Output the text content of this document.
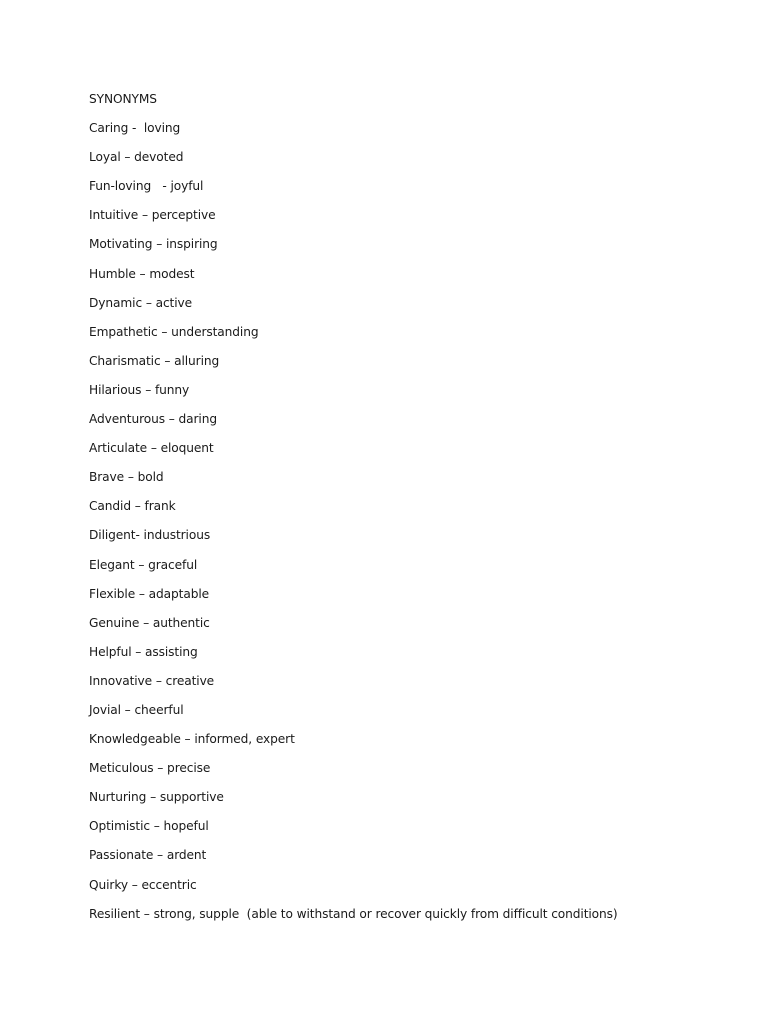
SYNONYMS
Caring -  loving
Loyal – devoted
Fun-loving   - joyful
Intuitive – perceptive
Motivating – inspiring
Humble – modest
Dynamic – active
Empathetic – understanding
Charismatic – alluring
Hilarious – funny
Adventurous – daring
Articulate – eloquent
Brave – bold
Candid – frank
Diligent- industrious
Elegant – graceful
Flexible – adaptable
Genuine – authentic
Helpful – assisting
Innovative – creative
Jovial – cheerful
Knowledgeable – informed, expert
Meticulous – precise
Nurturing – supportive
Optimistic – hopeful
Passionate – ardent
Quirky – eccentric
Resilient – strong, supple  (able to withstand or recover quickly from difficult conditions)
